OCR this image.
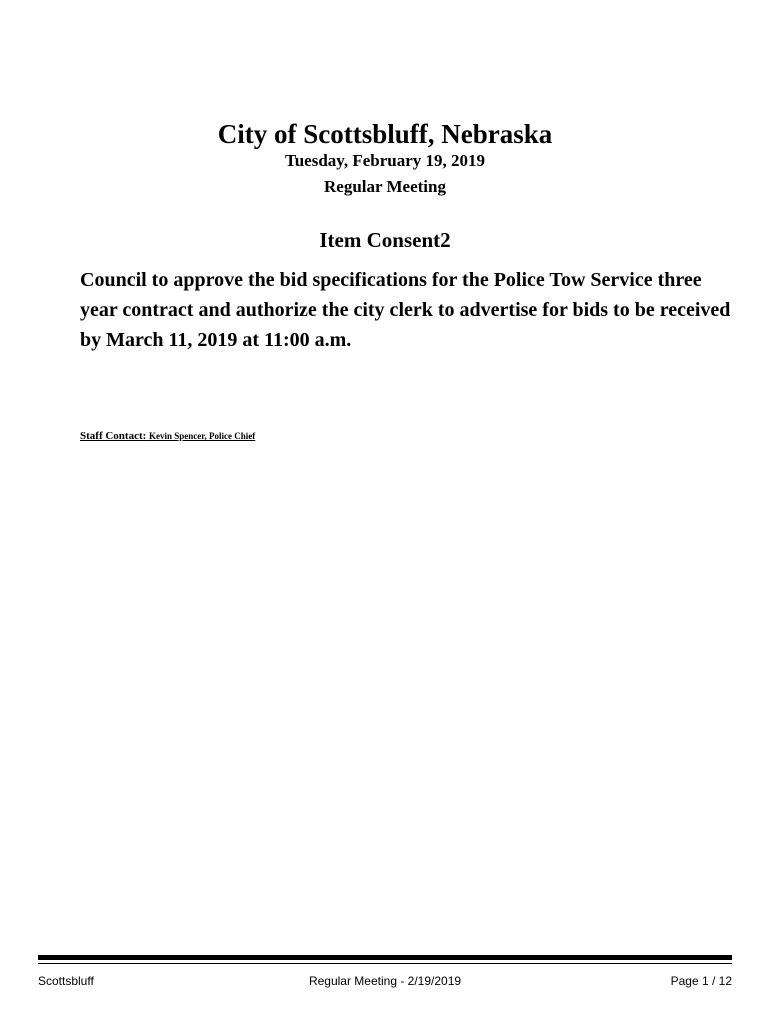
City of Scottsbluff, Nebraska
Tuesday, February 19, 2019
Regular Meeting
Item Consent2
Council to approve the bid specifications for the Police Tow Service three year contract and authorize the city clerk to advertise for bids to be received by March 11, 2019 at 11:00 a.m.
Staff Contact: Kevin Spencer, Police Chief
Scottsbluff	Regular Meeting - 2/19/2019	Page 1 / 12
